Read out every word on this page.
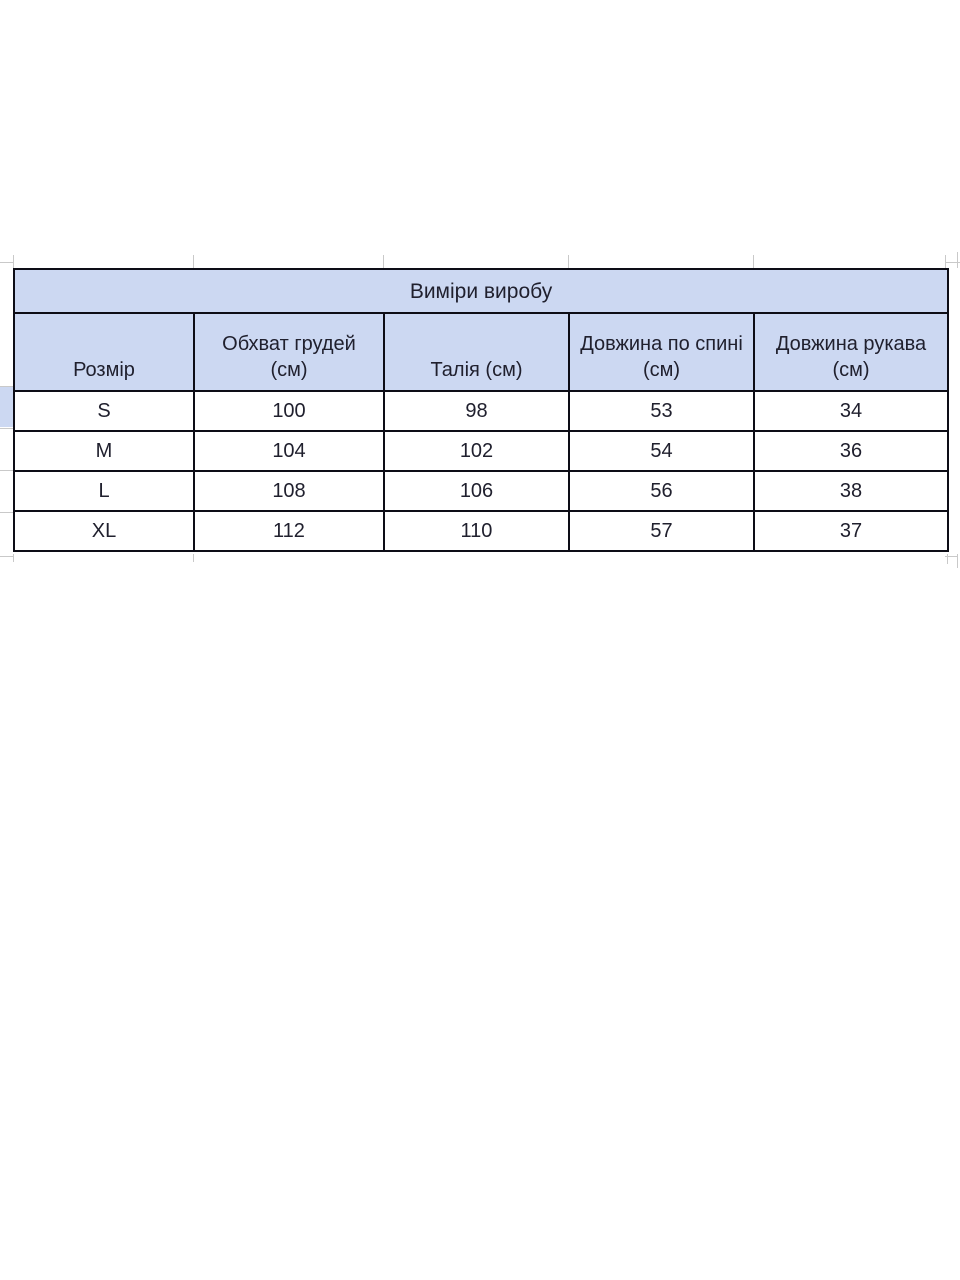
Виміри виробу				
Розмір	Обхват грудей (см)	Талія (см)	Довжина по спині (см)	Довжина рукава (см)
S	100	98	53	34
M	104	102	54	36
L	108	106	56	38
XL	112	110	57	37
